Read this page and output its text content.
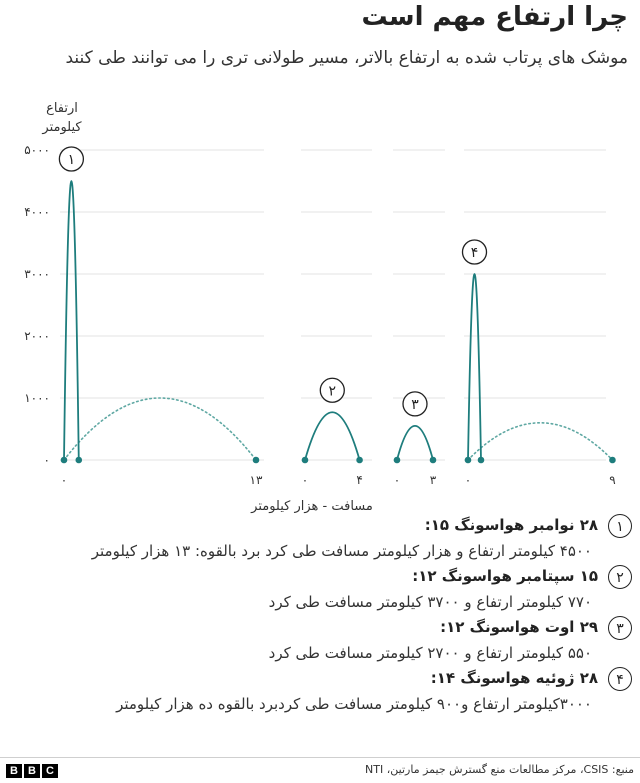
چرا ارتفاع مهم است

موشک های پرتاب شده به ارتفاع بالاتر، مسیر طولانی تری را می توانند طی کنند

۰
۱۰۰۰
۲۰۰۰
۳۰۰۰
۴۰۰۰
۵۰۰۰
ارتفاع
کیلومتر
۱
۰	۱۳
۲
۰	۴
۳
۰ ۳
۴
۰	۹
مسافت - هزار کیلومتر
۱
۲۸ نوامبر هواسونگ ۱۵:
۴۵۰۰ کیلومتر ارتفاع و هزار کیلومتر مسافت طی کرد برد بالقوه: ۱۳ هزار کیلومتر
۲
۱۵ سپتامبر هواسونگ ۱۲:
۷۷۰ کیلومتر ارتفاع و ۳۷۰۰ کیلومتر مسافت طی کرد
۳
۲۹ اوت هواسونگ ۱۲:
۵۵۰ کیلومتر ارتفاع و ۲۷۰۰ کیلومتر مسافت طی کرد
۴
۲۸ ژوئیه هواسونگ ۱۴:
۳۰۰۰کیلومتر ارتفاع و۹۰۰ کیلومتر مسافت طی کردبرد بالقوه ده هزار کیلومتر
منبع: CSIS، مرکز مطالعات منع گسترش جیمز مارتین، NTI
B B C
